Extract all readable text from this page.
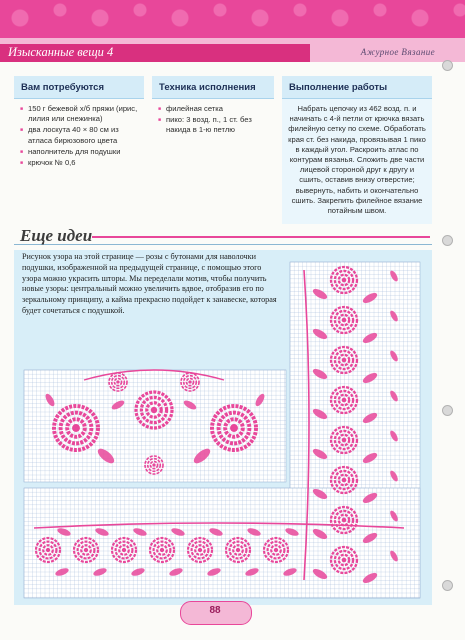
Изысканные вещи 4	Ажурное Вязание
Вам потребуются
■ 150 г бежевой х/б пряжи (ирис, лилия или снежинка)
■ два лоскута 40 × 80 см из атласа бирюзового цвета
■ наполнитель для подушки
■ крючок № 0,6
Техника исполнения
■ филейная сетка
■ пико: 3 возд. п., 1 ст. без накида в 1-ю петлю
Выполнение работы
Набрать цепочку из 462 возд. п. и начинать с 4-й петли от крючка вязать филейную сетку по схеме. Обработать края ст. без накида, провязывая 1 пико в каждый угол. Раскроить атлас по контурам вязанья. Сложить две части лицевой стороной друг к другу и сшить, оставив внизу отверстие; вывернуть, набить и окончательно сшить. Закрепить филейное вязание потайным швом.
Еще идеи
Рисунок узора на этой странице — розы с бутонами для наволочки подушки, изображенной на предыдущей странице, с помощью этого узора можно украсить шторы. Мы переделали мотив, чтобы получить новые узоры: центральный можно увеличить вдвое, отобразив его по зеркальному принципу, а кайма прекрасно подойдет к занавеске, которая будет сочетаться с подушкой.
88
